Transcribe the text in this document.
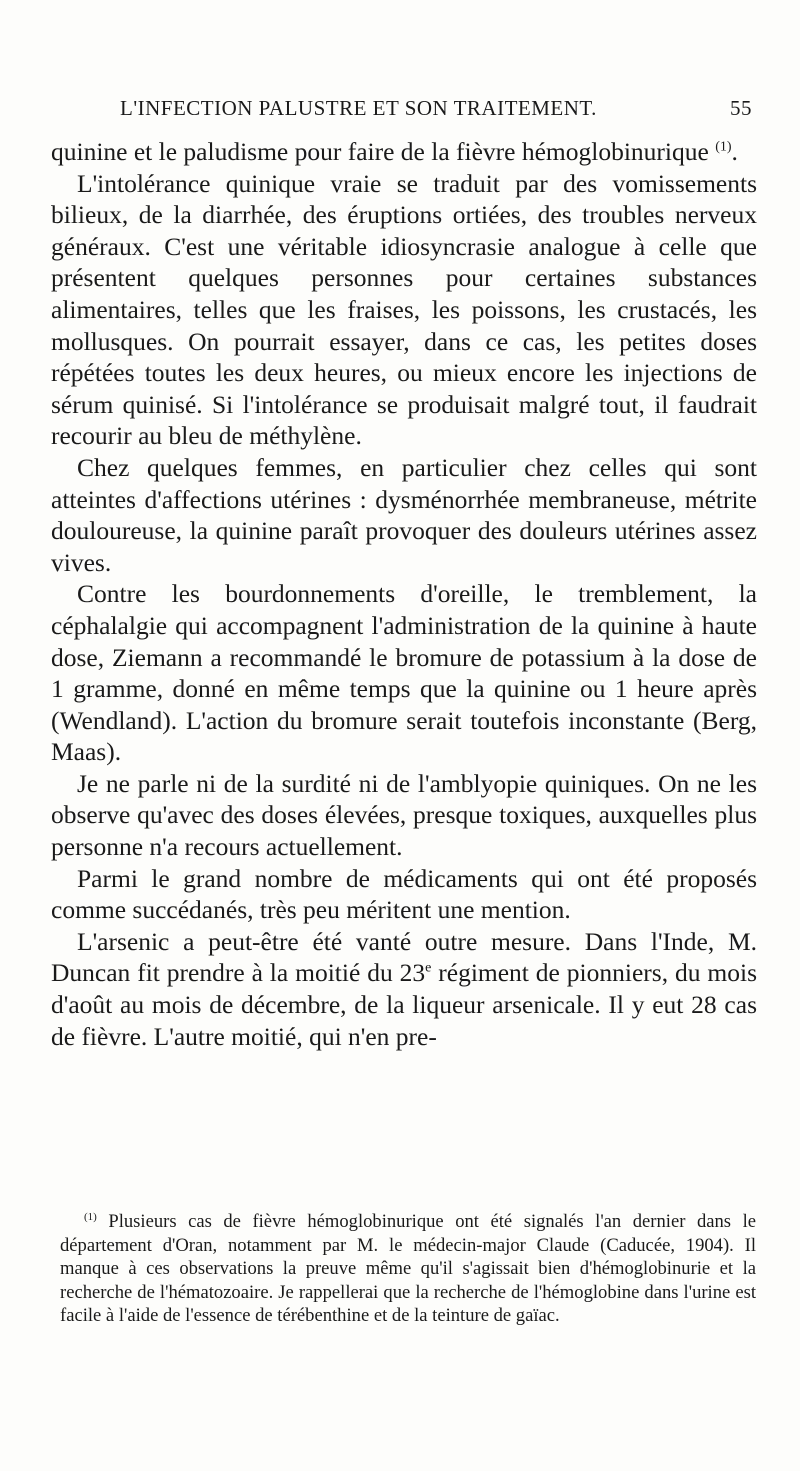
L'INFECTION PALUSTRE ET SON TRAITEMENT.	55

quinine et le paludisme pour faire de la fièvre hémoglobinurique $^{(1)}$.

L'intolérance quinique vraie se traduit par des vomissements bilieux, de la diarrhée, des éruptions ortiées, des troubles nerveux généraux. C'est une véritable idiosyncrasie analogue à celle que présentent quelques personnes pour certaines substances alimentaires, telles que les fraises, les poissons, les crustacés, les mollusques. On pourrait essayer, dans ce cas, les petites doses répétées toutes les deux heures, ou mieux encore les injections de sérum quinisé. Si l'intolérance se produisait malgré tout, il faudrait recourir au bleu de méthylène.

Chez quelques femmes, en particulier chez celles qui sont atteintes d'affections utérines : dysménorrhée membraneuse, métrite douloureuse, la quinine paraît provoquer des douleurs utérines assez vives.

Contre les bourdonnements d'oreille, le tremblement, la céphalalgie qui accompagnent l'administration de la quinine à haute dose, Ziemann a recommandé le bromure de potassium à la dose de 1 gramme, donné en même temps que la quinine ou 1 heure après (Wendland). L'action du bromure serait toutefois inconstante (Berg, Maas).

Je ne parle ni de la surdité ni de l'amblyopie quiniques. On ne les observe qu'avec des doses élevées, presque toxiques, auxquelles plus personne n'a recours actuellement.

Parmi le grand nombre de médicaments qui ont été proposés comme succédanés, très peu méritent une mention.

L'arsenic a peut-être été vanté outre mesure. Dans l'Inde, M. Duncan fit prendre à la moitié du 23e régiment de pionniers, du mois d'août au mois de décembre, de la liqueur arsenicale. Il y eut 28 cas de fièvre. L'autre moitié, qui n'en pre-

$^{(1)}$ Plusieurs cas de fièvre hémoglobinurique ont été signalés l'an dernier dans le département d'Oran, notamment par M. le médecin-major Claude (Caducée, 1904). Il manque à ces observations la preuve même qu'il s'agissait bien d'hémoglobinurie et la recherche de l'hématozoaire. Je rappellerai que la recherche de l'hémoglobine dans l'urine est facile à l'aide de l'essence de térébenthine et de la teinture de gaïac.
